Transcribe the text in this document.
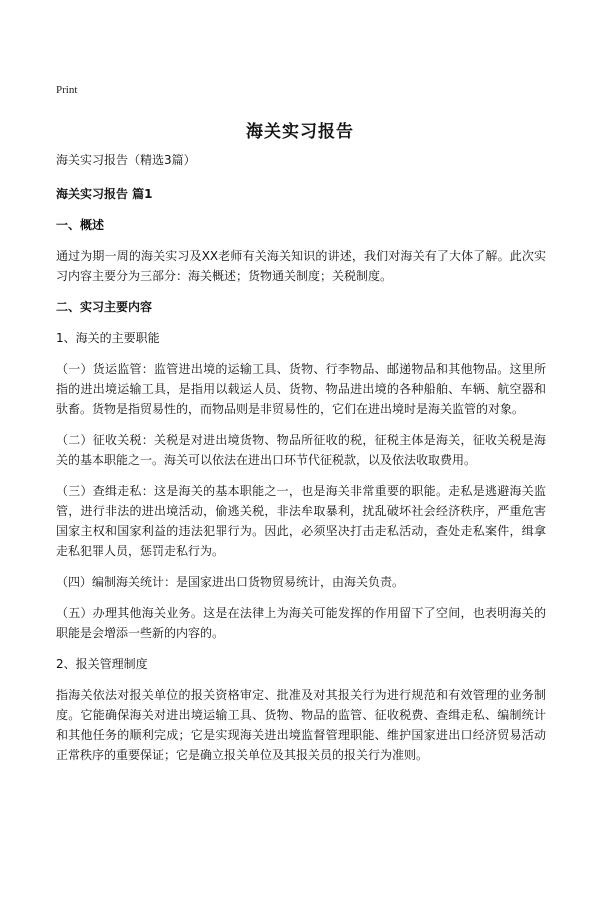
Print
海关实习报告

海关实习报告（精选3篇）

海关实习报告 篇1

一、概述

通过为期一周的海关实习及XX老师有关海关知识的讲述，我们对海关有了大体了解。此次实习内容主要分为三部分：海关概述；货物通关制度；关税制度。

二、实习主要内容

1、海关的主要职能

（一）货运监管：监管进出境的运输工具、货物、行李物品、邮递物品和其他物品。这里所指的进出境运输工具，是指用以载运人员、货物、物品进出境的各种船舶、车辆、航空器和驮畜。货物是指贸易性的，而物品则是非贸易性的，它们在进出境时是海关监管的对象。

（二）征收关税：关税是对进出境货物、物品所征收的税，征税主体是海关，征收关税是海关的基本职能之一。海关可以依法在进出口环节代征税款，以及依法收取费用。

（三）查缉走私：这是海关的基本职能之一，也是海关非常重要的职能。走私是逃避海关监管，进行非法的进出境活动，偷逃关税，非法牟取暴利，扰乱破坏社会经济秩序，严重危害国家主权和国家利益的违法犯罪行为。因此，必须坚决打击走私活动，查处走私案件，缉拿走私犯罪人员，惩罚走私行为。

（四）编制海关统计：是国家进出口货物贸易统计，由海关负责。

（五）办理其他海关业务。这是在法律上为海关可能发挥的作用留下了空间，也表明海关的职能是会增添一些新的内容的。

2、报关管理制度

指海关依法对报关单位的报关资格审定、批准及对其报关行为进行规范和有效管理的业务制度。它能确保海关对进出境运输工具、货物、物品的监管、征收税费、查缉走私、编制统计和其他任务的顺利完成；它是实现海关进出境监督管理职能、维护国家进出口经济贸易活动正常秩序的重要保证；它是确立报关单位及其报关员的报关行为准则。
